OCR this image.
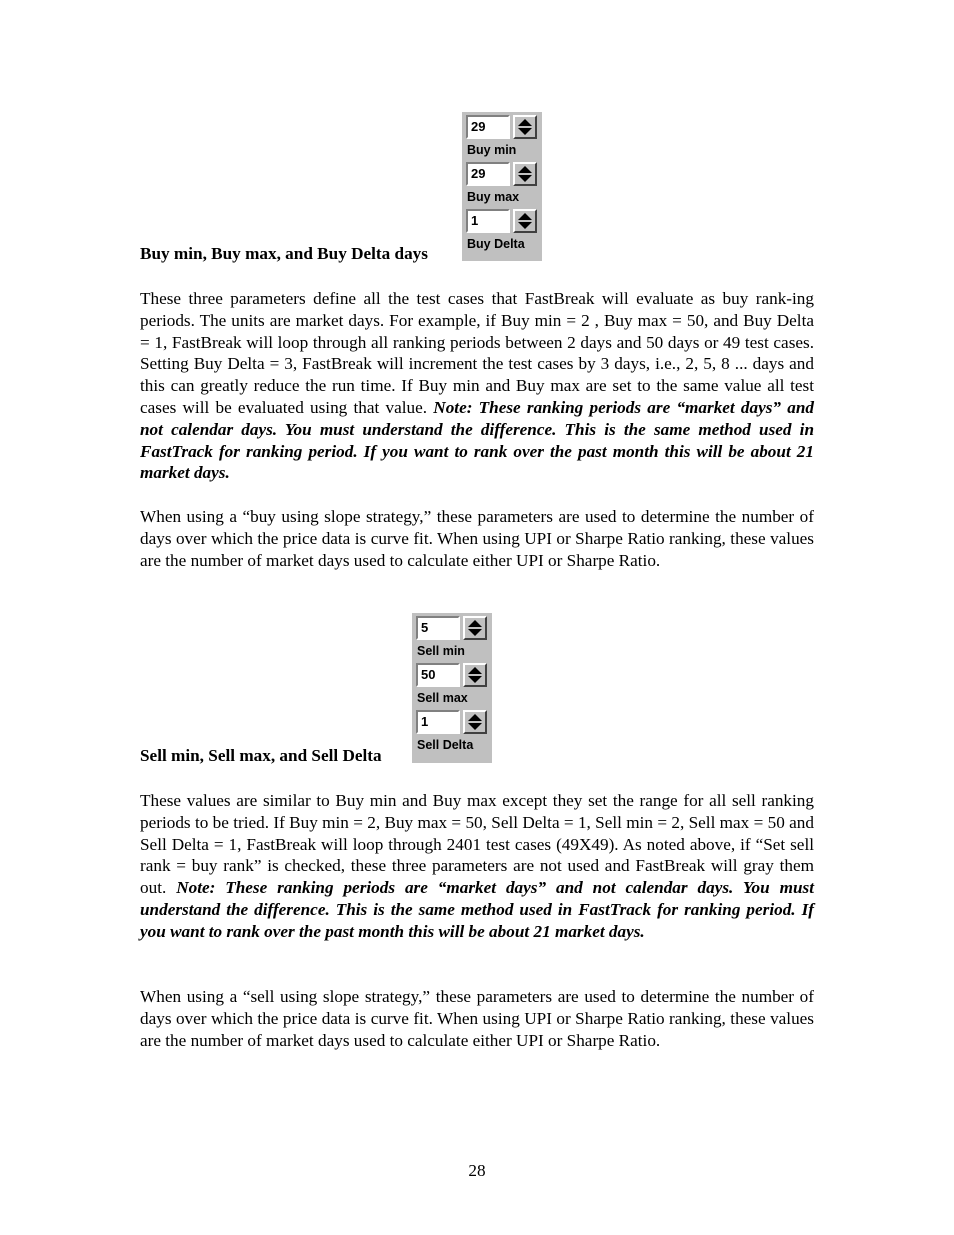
29
Buy min
29
Buy max
1
Buy Delta

Buy min, Buy max, and Buy Delta days

These three parameters define all the test cases that FastBreak will evaluate as buy rank-ing periods. The units are market days. For example, if Buy min = 2 , Buy max = 50, and Buy Delta = 1, FastBreak will loop through all ranking periods between 2 days and 50 days or 49 test cases. Setting Buy Delta = 3, FastBreak will increment the test cases by 3 days, i.e., 2, 5, 8 ... days and this can greatly reduce the run time. If Buy min and Buy max are set to the same value all test cases will be evaluated using that value. Note: These ranking periods are “market days” and not calendar days. You must understand the difference. This is the same method used in FastTrack for ranking period. If you want to rank over the past month this will be about 21 market days.

When using a “buy using slope strategy,” these parameters are used to determine the number of days over which the price data is curve fit. When using UPI or Sharpe Ratio ranking, these values are the number of market days used to calculate either UPI or Sharpe Ratio.

5
Sell min
50
Sell max
1
Sell Delta

Sell min, Sell max, and Sell Delta

These values are similar to Buy min and Buy max except they set the range for all sell ranking periods to be tried. If Buy min = 2, Buy max = 50, Sell Delta = 1, Sell min = 2, Sell max = 50 and Sell Delta = 1, FastBreak will loop through 2401 test cases (49X49). As noted above, if “Set sell rank = buy rank” is checked, these three parameters are not used and FastBreak will gray them out. Note: These ranking periods are “market days” and not calendar days. You must understand the difference. This is the same method used in FastTrack for ranking period. If you want to rank over the past month this will be about 21 market days.

When using a “sell using slope strategy,” these parameters are used to determine the number of days over which the price data is curve fit. When using UPI or Sharpe Ratio ranking, these values are the number of market days used to calculate either UPI or Sharpe Ratio.

28
